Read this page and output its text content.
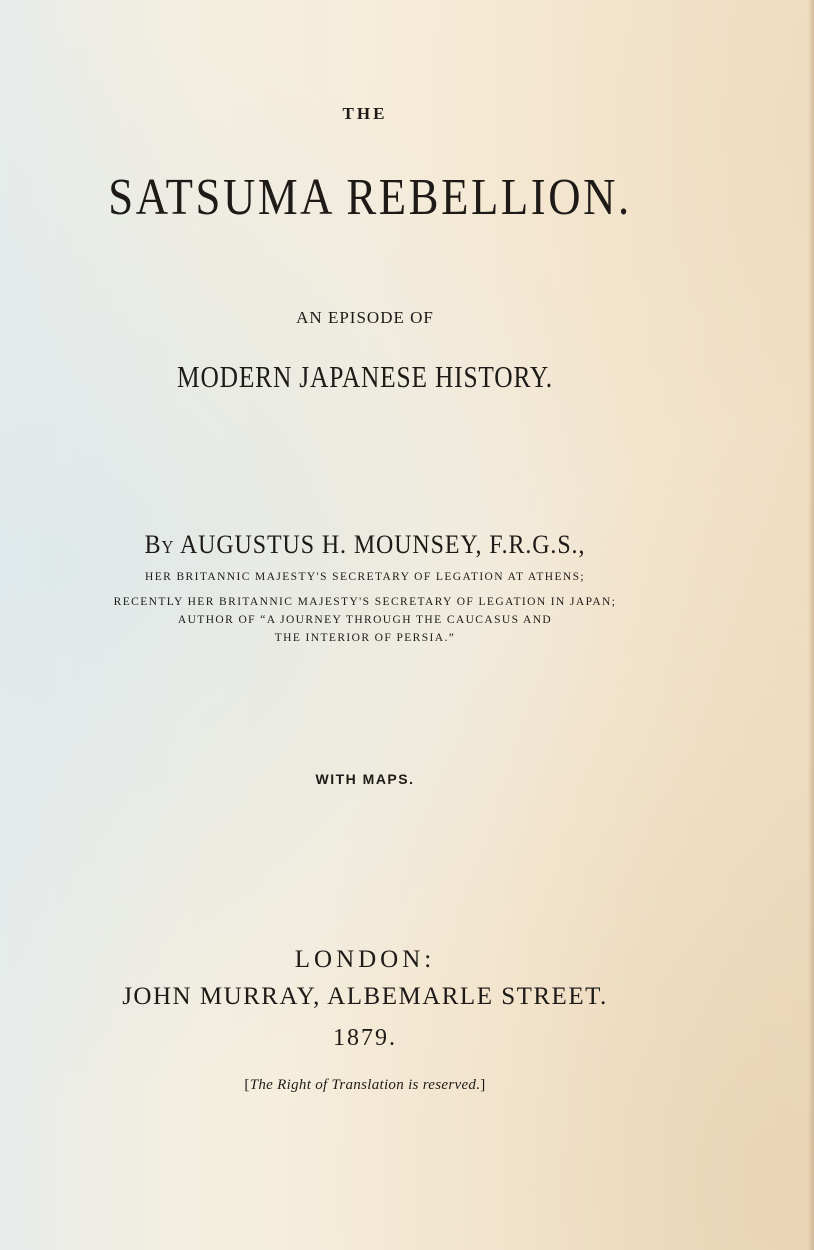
THE
SATSUMA REBELLION.
AN EPISODE OF
MODERN JAPANESE HISTORY.
By AUGUSTUS H. MOUNSEY, F.R.G.S.,
HER BRITANNIC MAJESTY'S SECRETARY OF LEGATION AT ATHENS;
RECENTLY HER BRITANNIC MAJESTY'S SECRETARY OF LEGATION IN JAPAN;
AUTHOR OF “A JOURNEY THROUGH THE CAUCASUS AND
THE INTERIOR OF PERSIA.”
WITH MAPS.
LONDON:
JOHN MURRAY, ALBEMARLE STREET.
1879.
[The Right of Translation is reserved.]
